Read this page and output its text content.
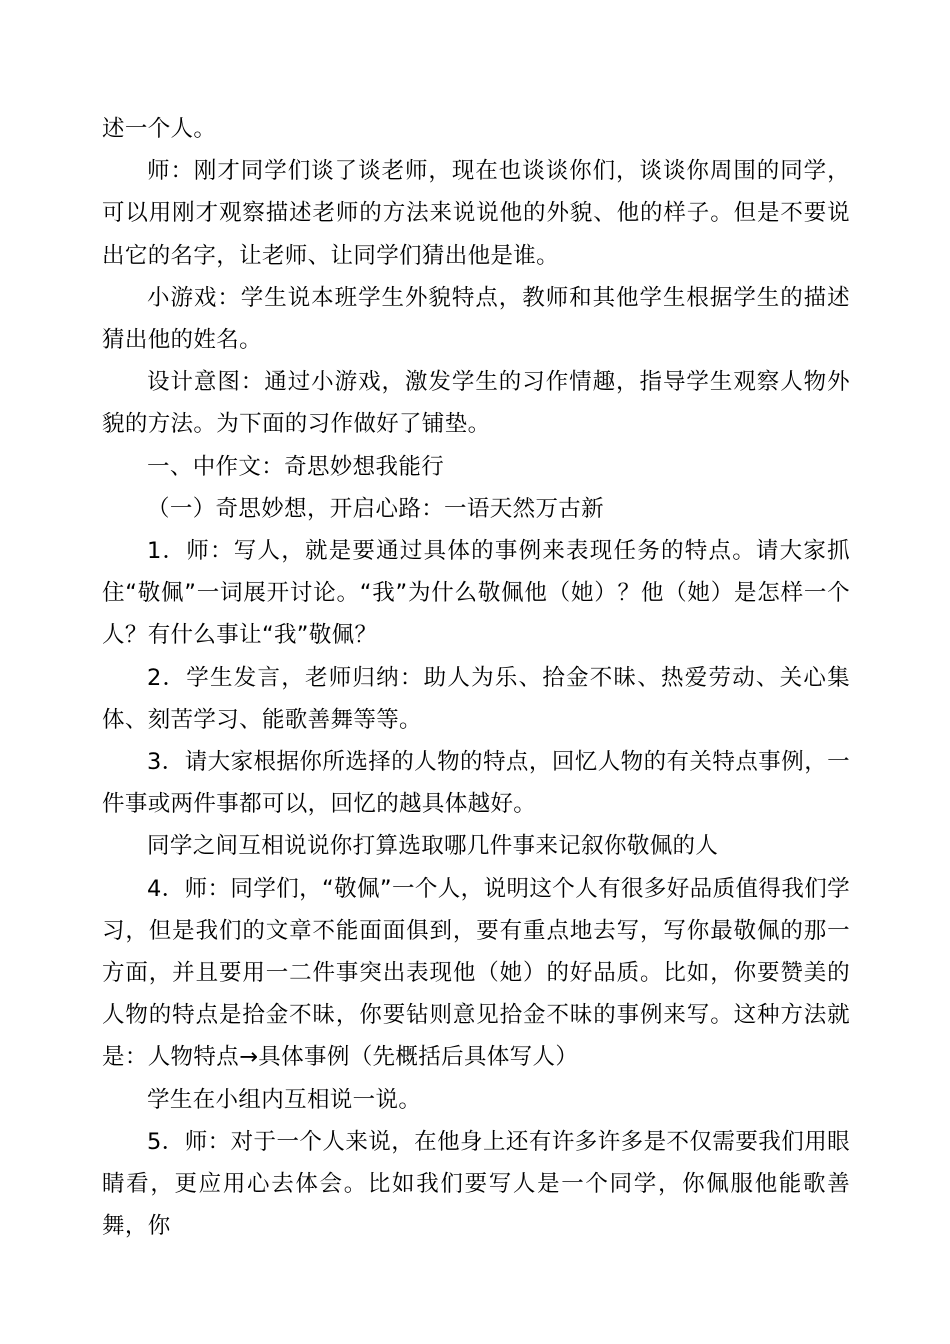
述一个人。

师：刚才同学们谈了谈老师，现在也谈谈你们，谈谈你周围的同学，可以用刚才观察描述老师的方法来说说他的外貌、他的样子。但是不要说出它的名字，让老师、让同学们猜出他是谁。

小游戏：学生说本班学生外貌特点，教师和其他学生根据学生的描述猜出他的姓名。

设计意图：通过小游戏，激发学生的习作情趣，指导学生观察人物外貌的方法。为下面的习作做好了铺垫。

一、中作文：奇思妙想我能行

（一）奇思妙想，开启心路：一语天然万古新

1．师：写人，就是要通过具体的事例来表现任务的特点。请大家抓住“敬佩”一词展开讨论。“我”为什么敬佩他（她）？他（她）是怎样一个人？有什么事让“我”敬佩？

2．学生发言，老师归纳：助人为乐、拾金不昧、热爱劳动、关心集体、刻苦学习、能歌善舞等等。

3．请大家根据你所选择的人物的特点，回忆人物的有关特点事例，一件事或两件事都可以，回忆的越具体越好。

同学之间互相说说你打算选取哪几件事来记叙你敬佩的人

4．师：同学们，“敬佩”一个人，说明这个人有很多好品质值得我们学习，但是我们的文章不能面面俱到，要有重点地去写，写你最敬佩的那一方面，并且要用一二件事突出表现他（她）的好品质。比如，你要赞美的人物的特点是拾金不昧，你要钻则意见拾金不昧的事例来写。这种方法就是：人物特点→具体事例（先概括后具体写人）

学生在小组内互相说一说。

5．师：对于一个人来说，在他身上还有许多许多是不仅需要我们用眼睛看，更应用心去体会。比如我们要写人是一个同学，你佩服他能歌善舞，你
